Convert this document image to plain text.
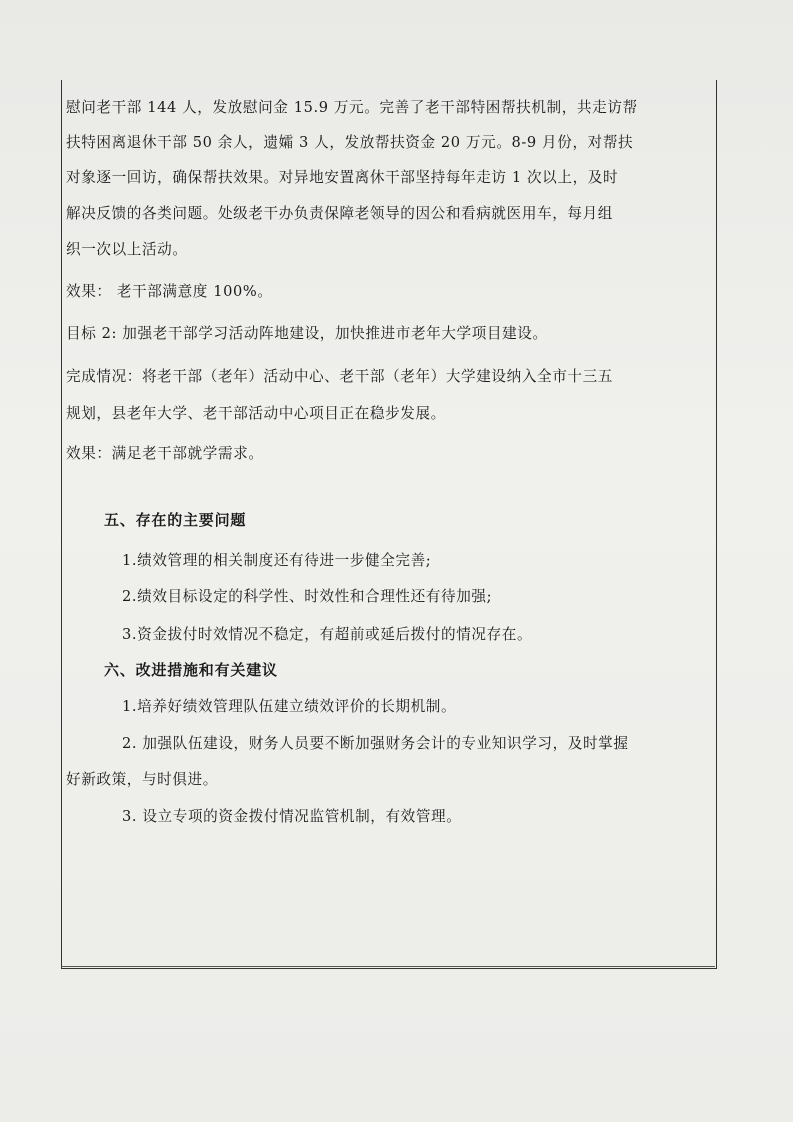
慰问老干部 144 人，发放慰问金 15.9 万元。完善了老干部特困帮扶机制，共走访帮
扶特困离退休干部 50 余人，遗孀 3 人，发放帮扶资金 20 万元。8-9 月份，对帮扶
对象逐一回访，确保帮扶效果。对异地安置离休干部坚持每年走访 1 次以上，及时
解决反馈的各类问题。处级老干办负责保障老领导的因公和看病就医用车，每月组
织一次以上活动。
效果： 老干部满意度 100%。
目标 2: 加强老干部学习活动阵地建设，加快推进市老年大学项目建设。
完成情况：将老干部（老年）活动中心、老干部（老年）大学建设纳入全市十三五
规划，县老年大学、老干部活动中心项目正在稳步发展。
效果：满足老干部就学需求。
五、存在的主要问题
1.绩效管理的相关制度还有待进一步健全完善;
2.绩效目标设定的科学性、时效性和合理性还有待加强;
3.资金拔付时效情况不稳定，有超前或延后拨付的情况存在。
六、改进措施和有关建议
1.培养好绩效管理队伍建立绩效评价的长期机制。
2. 加强队伍建设，财务人员要不断加强财务会计的专业知识学习，及时掌握
好新政策，与时俱进。
3. 设立专项的资金拨付情况监管机制，有效管理。
